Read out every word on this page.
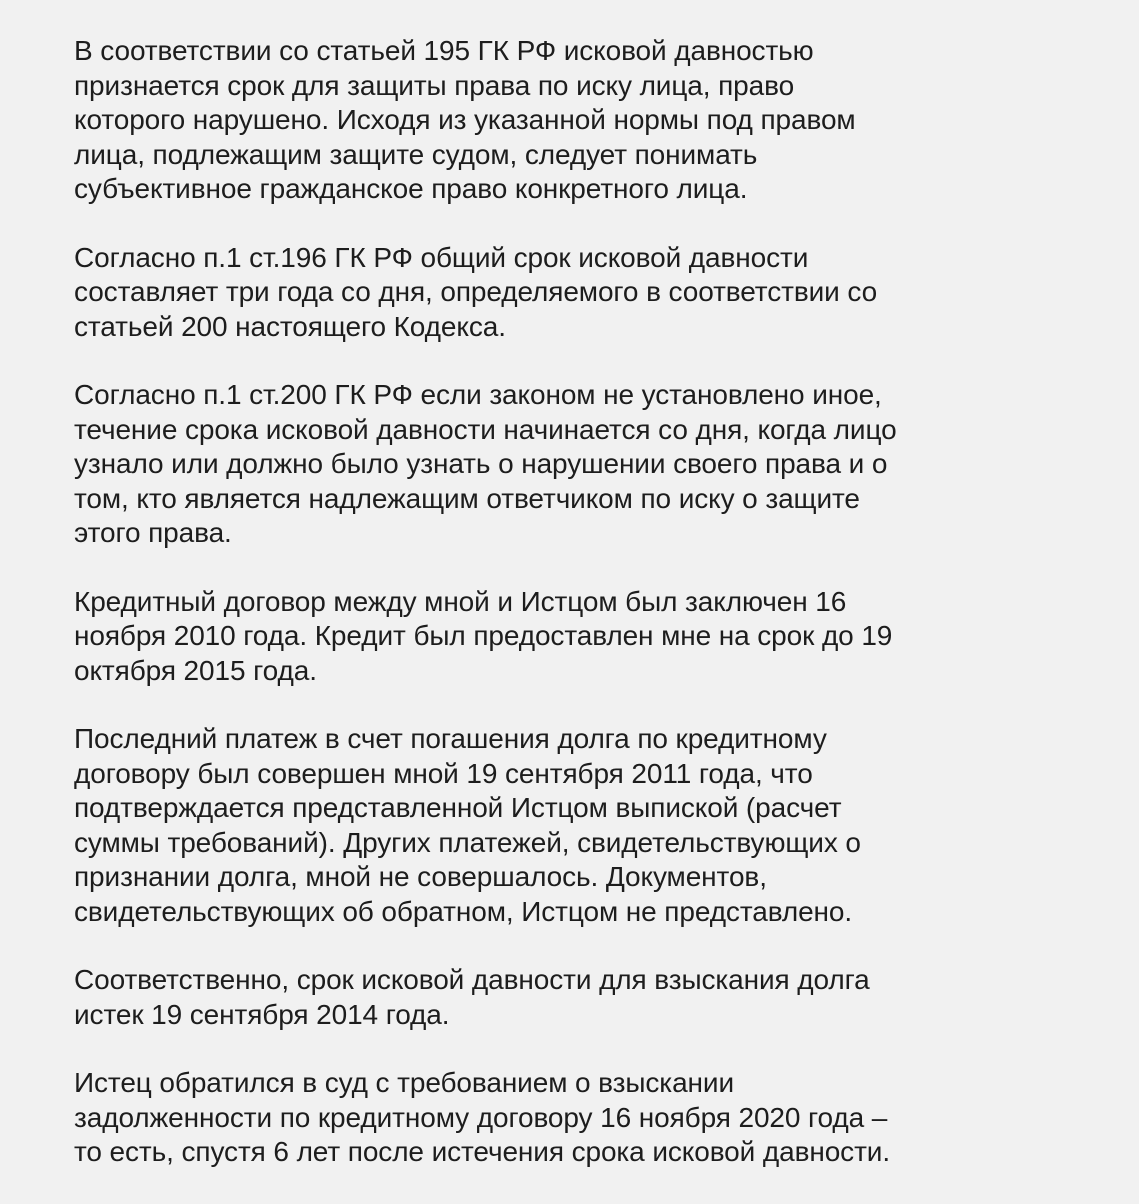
В соответствии со статьей 195 ГК РФ исковой давностью
признается срок для защиты права по иску лица, право
которого нарушено. Исходя из указанной нормы под правом
лица, подлежащим защите судом, следует понимать
субъективное гражданское право конкретного лица.

Согласно п.1 ст.196 ГК РФ общий срок исковой давности
составляет три года со дня, определяемого в соответствии со
статьей 200 настоящего Кодекса.

Согласно п.1 ст.200 ГК РФ если законом не установлено иное,
течение срока исковой давности начинается со дня, когда лицо
узнало или должно было узнать о нарушении своего права и о
том, кто является надлежащим ответчиком по иску о защите
этого права.

Кредитный договор между мной и Истцом был заключен 16
ноября 2010 года. Кредит был предоставлен мне на срок до 19
октября 2015 года.

Последний платеж в счет погашения долга по кредитному
договору был совершен мной 19 сентября 2011 года, что
подтверждается представленной Истцом выпиской (расчет
суммы требований). Других платежей, свидетельствующих о
признании долга, мной не совершалось. Документов,
свидетельствующих об обратном, Истцом не представлено.

Соответственно, срок исковой давности для взыскания долга
истек 19 сентября 2014 года.

Истец обратился в суд с требованием о взыскании
задолженности по кредитному договору 16 ноября 2020 года –
то есть, спустя 6 лет после истечения срока исковой давности.
